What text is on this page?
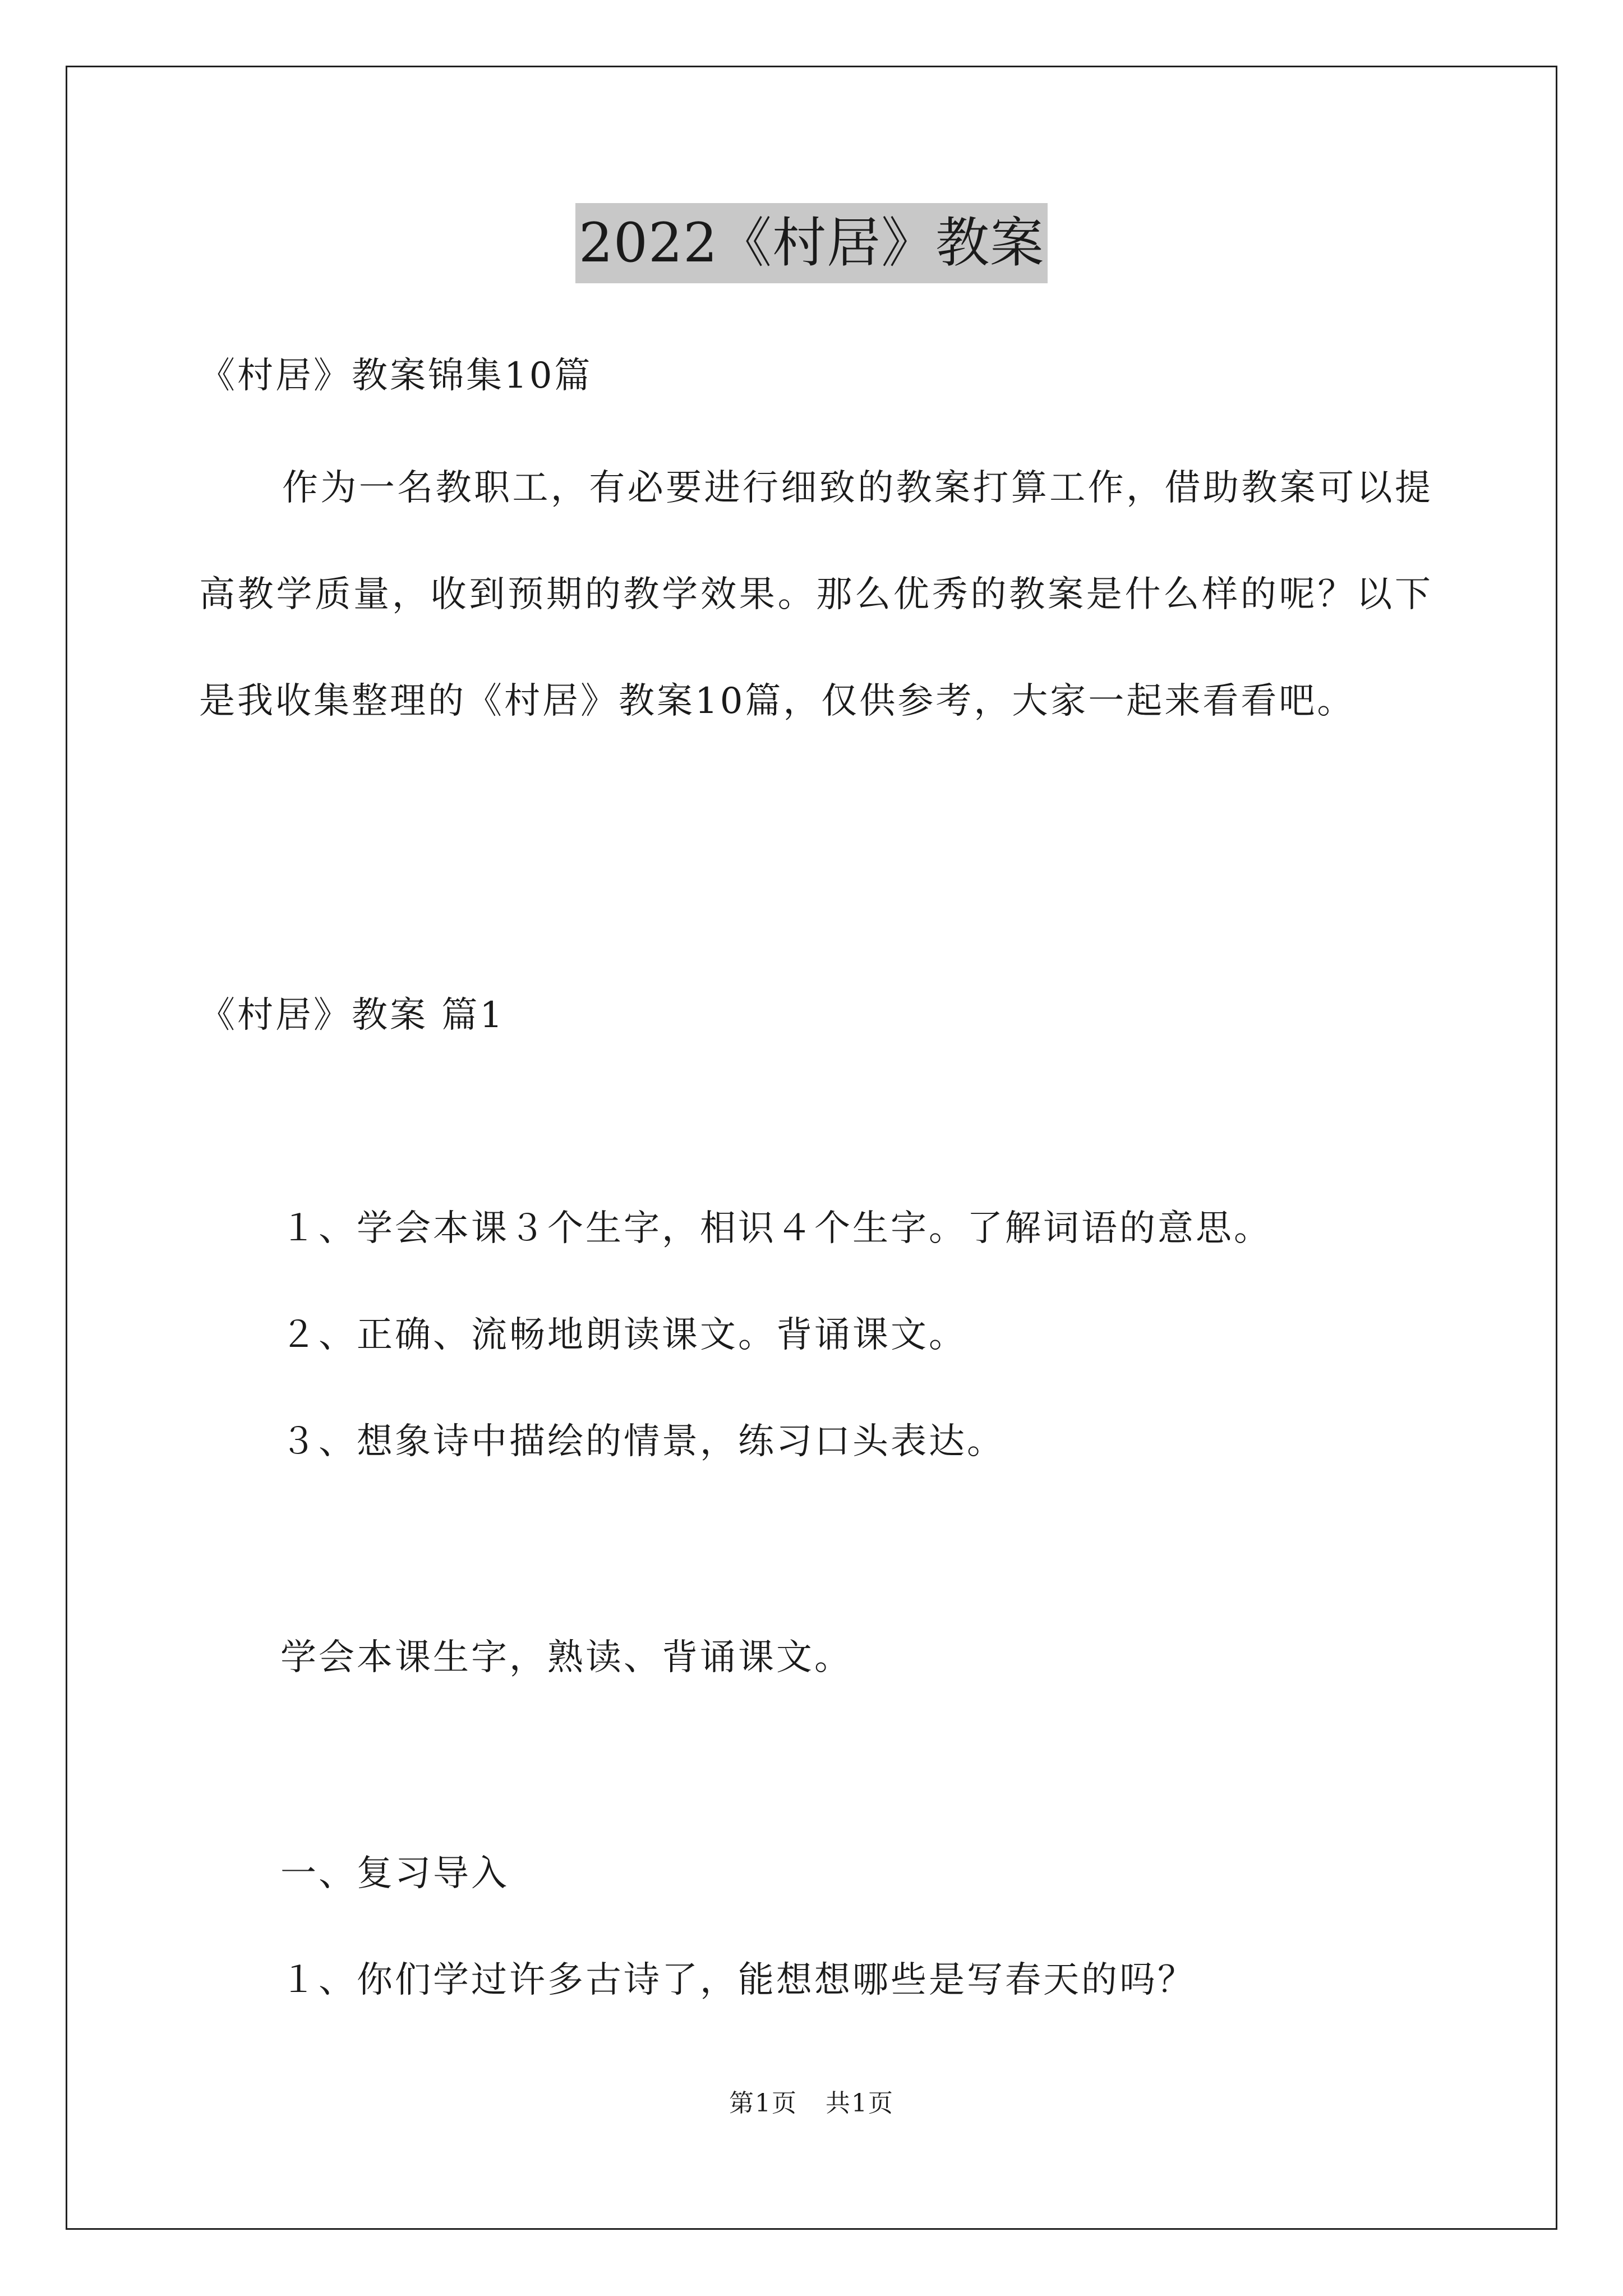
2022《村居》教案
《村居》教案锦集10篇
作为一名教职工，有必要进行细致的教案打算工作，借助教案可以提高教学质量，收到预期的教学效果。那么优秀的教案是什么样的呢？以下是我收集整理的《村居》教案10篇，仅供参考，大家一起来看看吧。
《村居》教案 篇1
１、学会本课３个生字，相识４个生字。了解词语的意思。
２、正确、流畅地朗读课文。背诵课文。
３、想象诗中描绘的情景，练习口头表达。
学会本课生字，熟读、背诵课文。
一、复习导入
１、你们学过许多古诗了，能想想哪些是写春天的吗？
第1页 共1页
